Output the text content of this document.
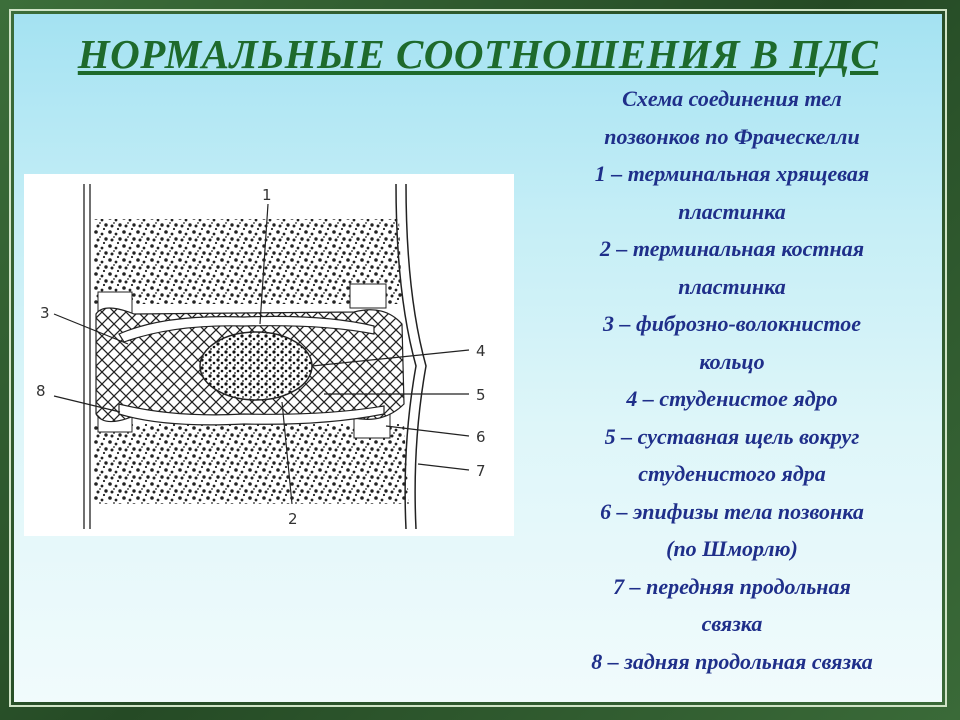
НОРМАЛЬНЫЕ СООТНОШЕНИЯ В ПДС
1
2
3
4
5
6
7
8
Схема соединения тел
позвонков по Фраческелли
1 – терминальная хрящевая
пластинка
2 – терминальная костная
пластинка
3 – фиброзно-волокнистое
кольцо
4 – студенистое ядро
5 – суставная щель вокруг
студенистого ядра
6 – эпифизы тела позвонка
(по Шморлю)
7 – передняя продольная
связка
8 – задняя продольная связка
